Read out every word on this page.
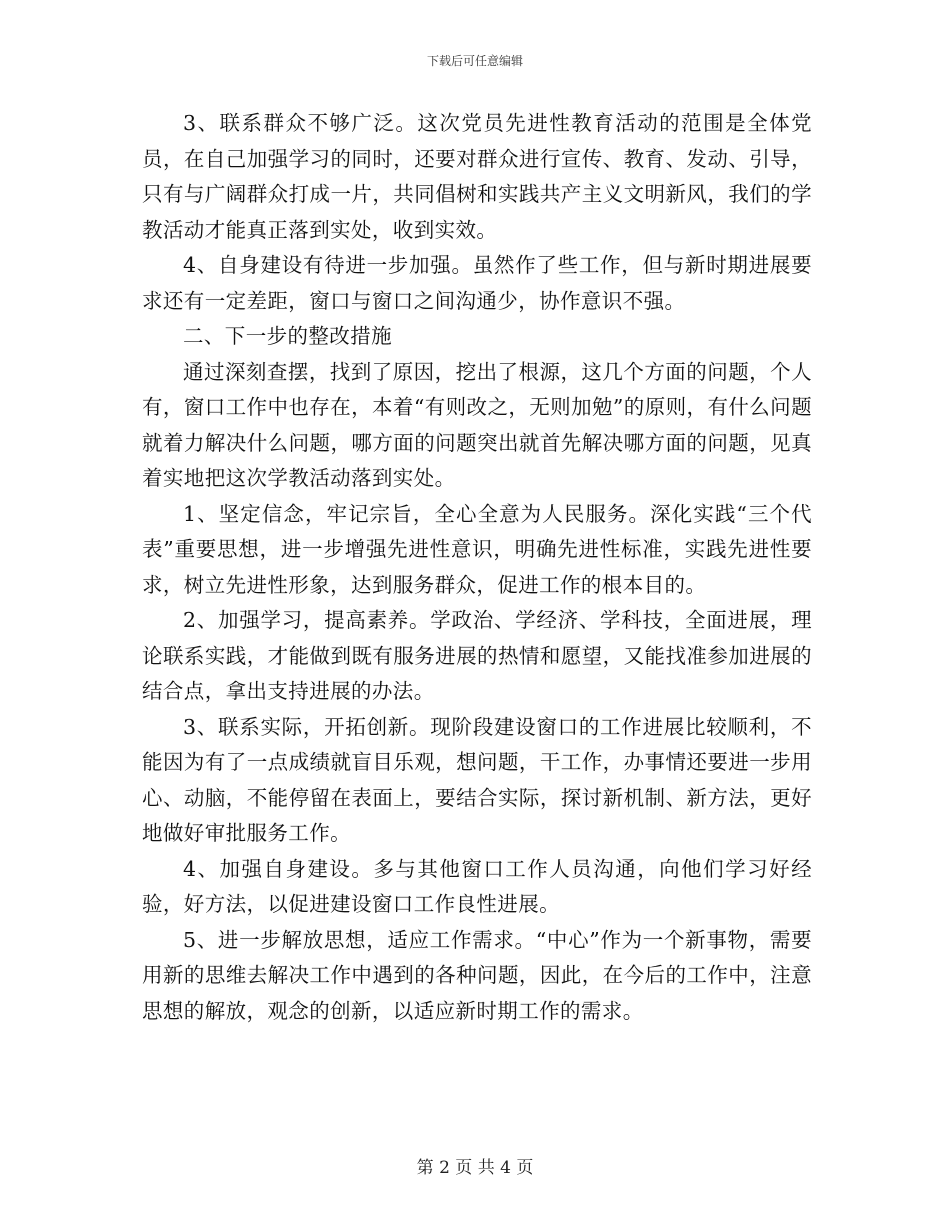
下载后可任意编辑

3、联系群众不够广泛。这次党员先进性教育活动的范围是全体党员，在自己加强学习的同时，还要对群众进行宣传、教育、发动、引导，只有与广阔群众打成一片，共同倡树和实践共产主义文明新风，我们的学教活动才能真正落到实处，收到实效。

4、自身建设有待进一步加强。虽然作了些工作，但与新时期进展要求还有一定差距，窗口与窗口之间沟通少，协作意识不强。

二、下一步的整改措施

通过深刻查摆，找到了原因，挖出了根源，这几个方面的问题，个人有，窗口工作中也存在，本着“有则改之，无则加勉”的原则，有什么问题就着力解决什么问题，哪方面的问题突出就首先解决哪方面的问题，见真着实地把这次学教活动落到实处。

1、坚定信念，牢记宗旨，全心全意为人民服务。深化实践“三个代表”重要思想，进一步增强先进性意识，明确先进性标准，实践先进性要求，树立先进性形象，达到服务群众，促进工作的根本目的。

2、加强学习，提高素养。学政治、学经济、学科技，全面进展，理论联系实践，才能做到既有服务进展的热情和愿望，又能找准参加进展的结合点，拿出支持进展的办法。

3、联系实际，开拓创新。现阶段建设窗口的工作进展比较顺利，不能因为有了一点成绩就盲目乐观，想问题，干工作，办事情还要进一步用心、动脑，不能停留在表面上，要结合实际，探讨新机制、新方法，更好地做好审批服务工作。

4、加强自身建设。多与其他窗口工作人员沟通，向他们学习好经验，好方法，以促进建设窗口工作良性进展。

5、进一步解放思想，适应工作需求。“中心”作为一个新事物，需要用新的思维去解决工作中遇到的各种问题，因此，在今后的工作中，注意思想的解放，观念的创新，以适应新时期工作的需求。

第 2 页 共 4 页
